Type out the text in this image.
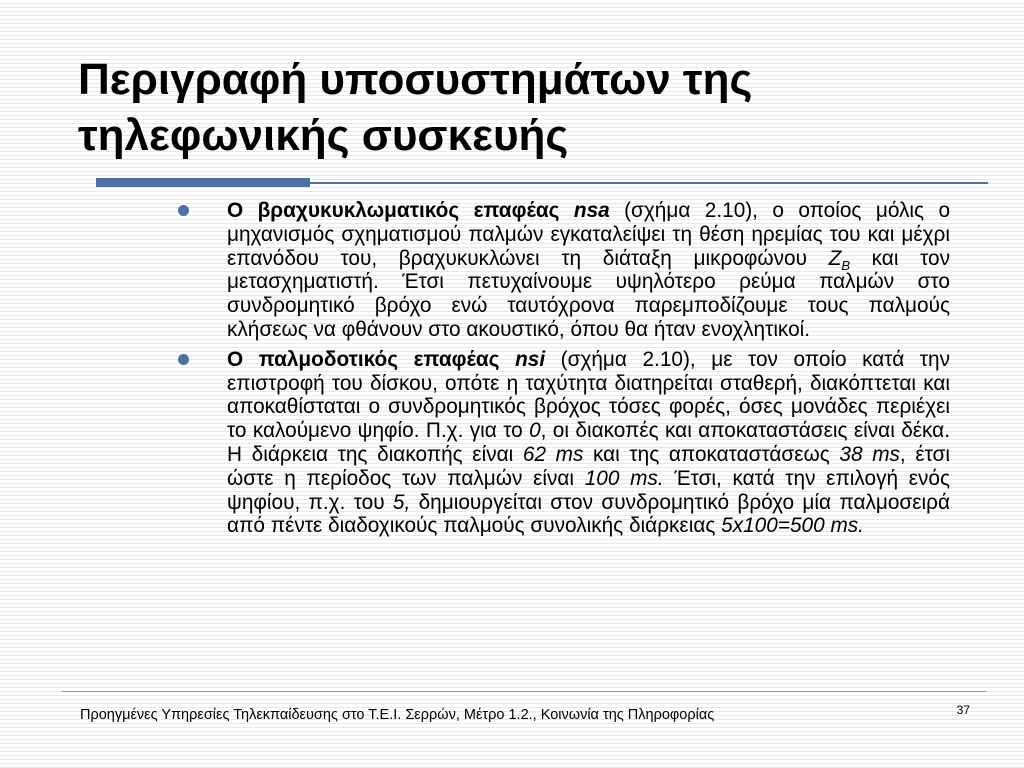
Περιγραφή υποσυστημάτων της τηλεφωνικής συσκευής
Ο βραχυκυκλωματικός επαφέας nsa (σχήμα 2.10), ο οποίος μόλις ο μηχανισμός σχηματισμού παλμών εγκαταλείψει τη θέση ηρεμίας του και μέχρι επανόδου του, βραχυκυκλώνει τη διάταξη μικροφώνου $Z_B$ και τον μετασχηματιστή. Έτσι πετυχαίνουμε υψηλότερο ρεύμα παλμών στο συνδρομητικό βρόχο ενώ ταυτόχρονα παρεμποδίζουμε τους παλμούς κλήσεως να φθάνουν στο ακουστικό, όπου θα ήταν ενοχλητικοί.
Ο παλμοδοτικός επαφέας nsi (σχήμα 2.10), με τον οποίο κατά την επιστροφή του δίσκου, οπότε η ταχύτητα διατηρείται σταθερή, διακόπτεται και αποκαθίσταται ο συνδρομητικός βρόχος τόσες φορές, όσες μονάδες περιέχει το καλούμενο ψηφίο. Π.χ. για το 0, οι διακοπές και αποκαταστάσεις είναι δέκα. Η διάρκεια της διακοπής είναι 62 ms και της αποκαταστάσεως 38 ms, έτσι ώστε η περίοδος των παλμών είναι 100 ms. Έτσι, κατά την επιλογή ενός ψηφίου, π.χ. του 5, δημιουργείται στον συνδρομητικό βρόχο μία παλμοσειρά από πέντε διαδοχικούς παλμούς συνολικής διάρκειας 5x100=500 ms.
Προηγμένες Υπηρεσίες Τηλεκπαίδευσης στο Τ.Ε.Ι. Σερρών, Μέτρο 1.2., Κοινωνία της Πληροφορίας	37
